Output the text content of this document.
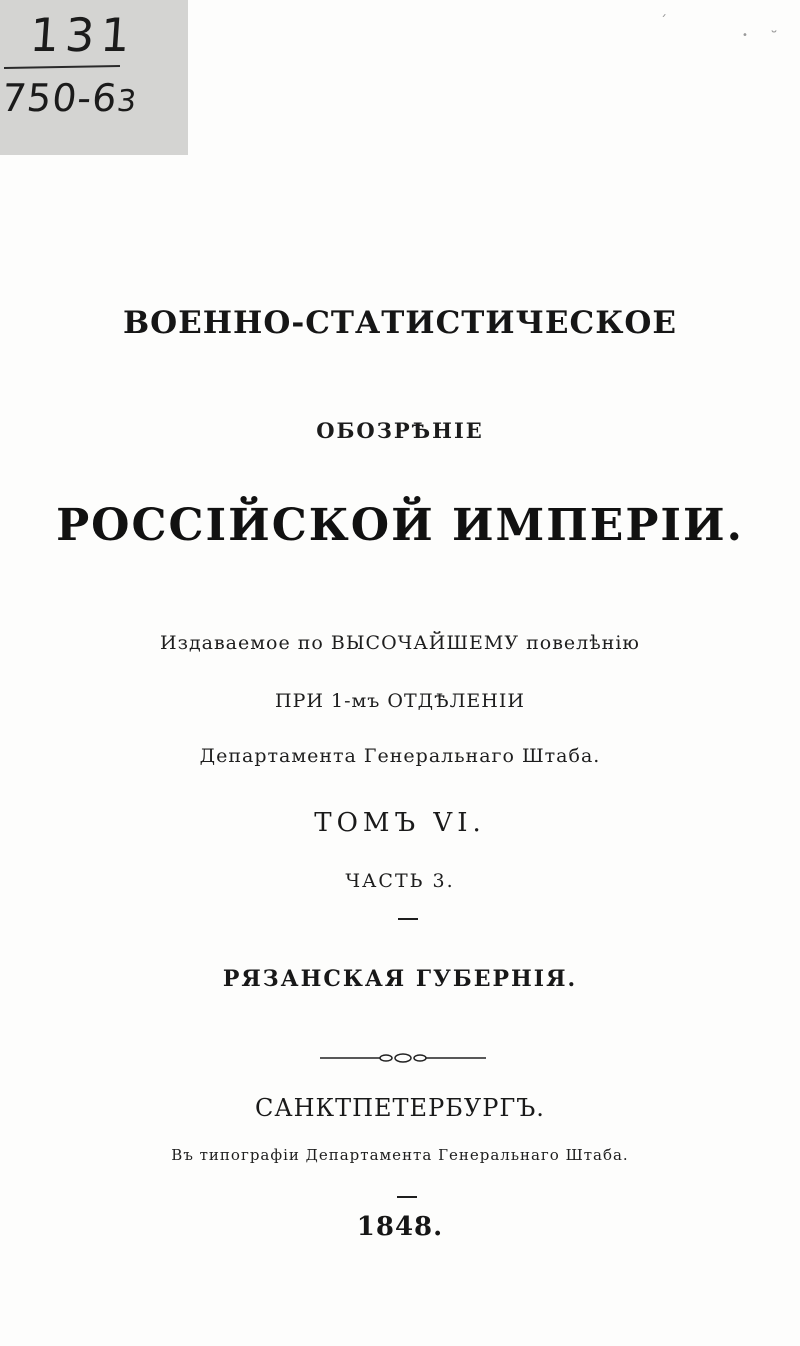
131
750-63
ˊ
• ˘
ВОЕННО-СТАТИСТИЧЕСКОЕ
ОБОЗРѢНІЕ
РОССІЙСКОЙ ИМПЕРІИ.
Издаваемое по ВЫСОЧАЙШЕМУ повелѣнію
ПРИ 1-мъ ОТДѢЛЕНІИ
Департамента Генеральнаго Штаба.
ТОМЪ VI.
ЧАСТЬ 3.
РЯЗАНСКАЯ ГУБЕРНІЯ.
САНКТПЕТЕРБУРГЪ.
Въ типографіи Департамента Генеральнаго Штаба.
1848.
